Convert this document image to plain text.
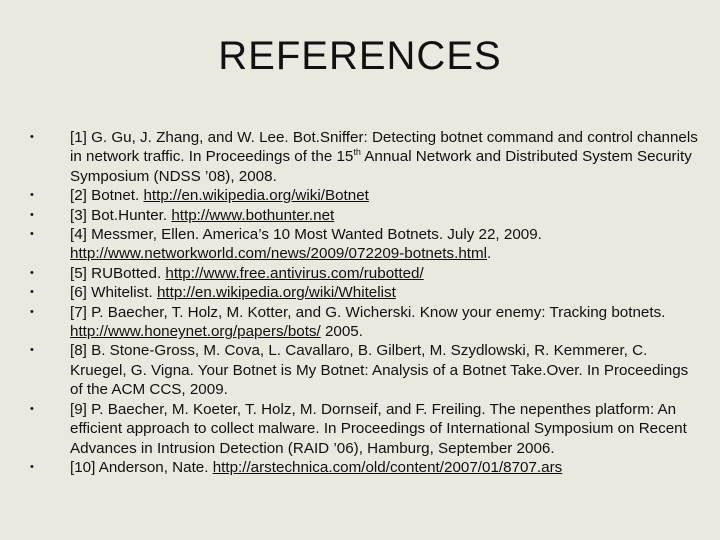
REFERENCES
•	[1] G. Gu, J. Zhang, and W. Lee. Bot.Sniffer: Detecting botnet command and control channels in network traffic. In Proceedings of the 15th Annual Network and Distributed System Security Symposium (NDSS ’08), 2008.
•	[2] Botnet. http://en.wikipedia.org/wiki/Botnet
•	[3] Bot.Hunter. http://www.bothunter.net
•	[4] Messmer, Ellen. America’s 10 Most Wanted Botnets. July 22, 2009. http://www.networkworld.com/news/2009/072209-botnets.html.
•	[5] RUBotted. http://www.free.antivirus.com/rubotted/
•	[6] Whitelist. http://en.wikipedia.org/wiki/Whitelist
•	[7] P. Baecher, T. Holz, M. Kotter, and G. Wicherski. Know your enemy: Tracking botnets. http://www.honeynet.org/papers/bots/ 2005.
•	[8] B. Stone-Gross, M. Cova, L. Cavallaro, B. Gilbert, M. Szydlowski, R. Kemmerer, C. Kruegel, G. Vigna. Your Botnet is My Botnet: Analysis of a Botnet Take.Over. In Proceedings of the ACM CCS, 2009.
•	[9] P. Baecher, M. Koeter, T. Holz, M. Dornseif, and F. Freiling. The nepenthes platform: An efficient approach to collect malware. In Proceedings of International Symposium on Recent Advances in Intrusion Detection (RAID ’06), Hamburg, September 2006.
•	[10] Anderson, Nate. http://arstechnica.com/old/content/2007/01/8707.ars
